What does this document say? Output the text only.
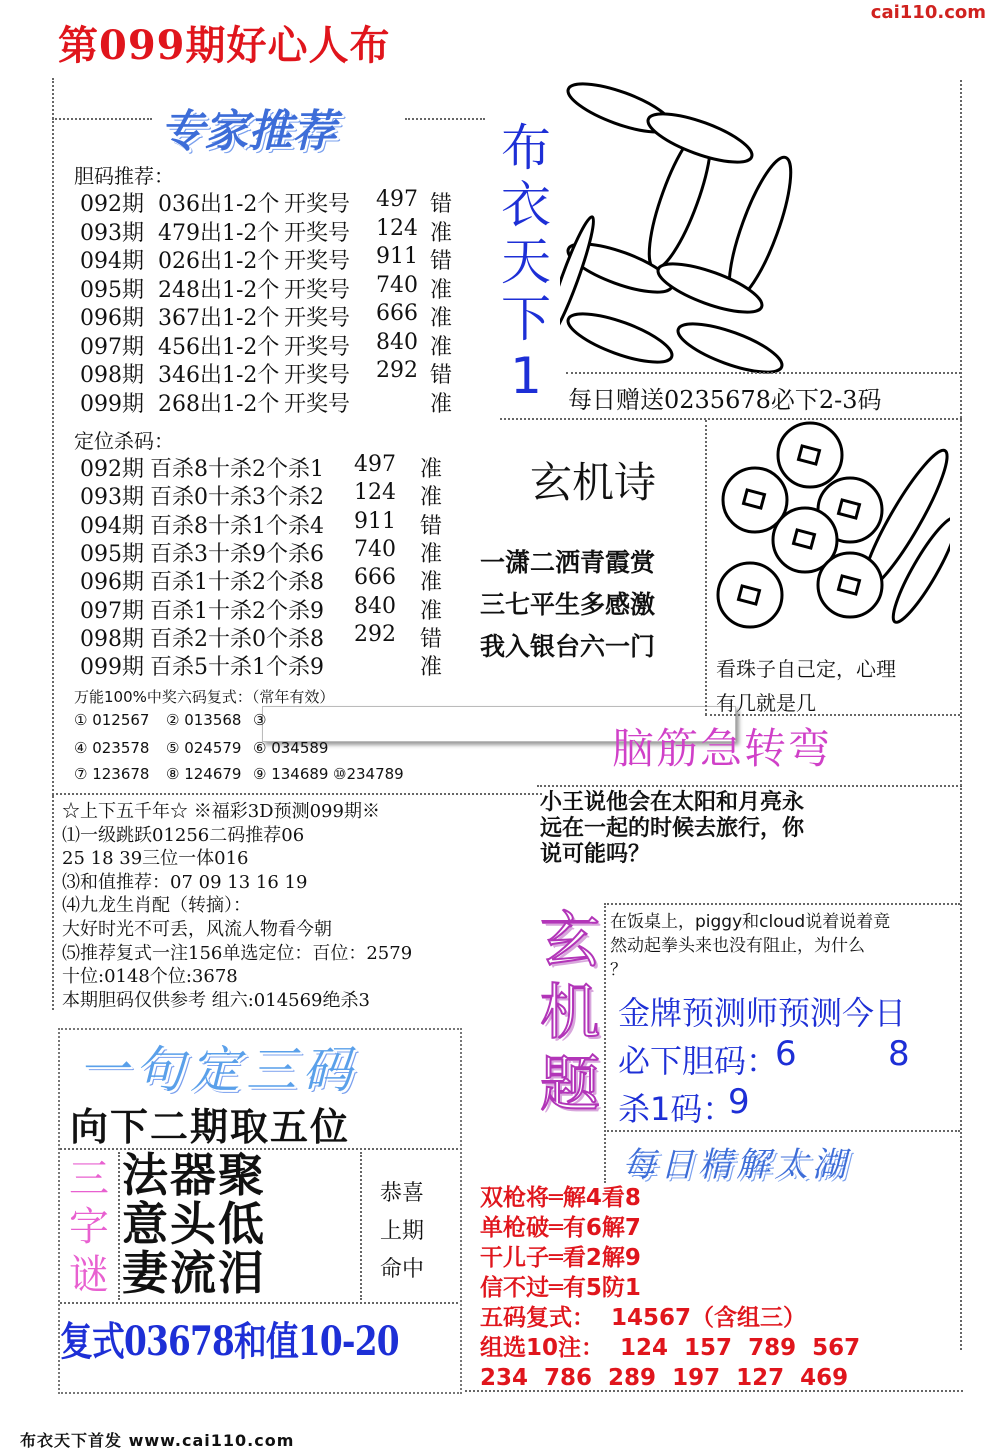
cai110.com
第099期好心人布
专家推荐
胆码推荐：
092期 036出1-2个 开奖号 497 错
093期 479出1-2个 开奖号 124 准
094期 026出1-2个 开奖号 911 错
095期 248出1-2个 开奖号 740 准
096期 367出1-2个 开奖号 666 准
097期 456出1-2个 开奖号 840 准
098期 346出1-2个 开奖号 292 错
099期 268出1-2个 开奖号	准
定位杀码：
092期 百杀8十杀2个杀1 497 准
093期 百杀0十杀3个杀2 124 准
094期 百杀8十杀1个杀4 911 错
095期 百杀3十杀9个杀6 740 准
096期 百杀1十杀2个杀8 666 准
097期 百杀1十杀2个杀9 840 准
098期 百杀2十杀0个杀8 292 错
099期 百杀5十杀1个杀9	准
万能100%中奖六码复式：（常年有效）
① 012567 ② 013568 ③
④ 023578 ⑤ 024579 ⑥ 034589
⑦ 123678 ⑧ 124679 ⑨ 134689 ⑩234789
☆上下五千年☆ ※福彩3D预测099期※
⑴一级跳跃01256二码推荐06
25 18 39三位一体016
⑶和值推荐：07 09 13 16 19
⑷九龙生肖配（转摘）：
大好时光不可丢，风流人物看今朝
⑸推荐复式一注156单选定位：百位：2579
十位:0148个位:3678
本期胆码仅供参考 组六:014569绝杀3
布
衣
天
下
1	每日赠送0235678必下2-3码
玄机诗
一潇二洒青霞赏
三七平生多感激
我入银台六一门
看珠子自己定，心理
有几就是几
脑筋急转弯
小王说他会在太阳和月亮永
远在一起的时候去旅行，你
说可能吗？
玄
机
题
在饭桌上，piggy和cloud说着说着竟
然动起拳头来也没有阻止，为什么
？
金牌预测师预测今日
必下胆码：
6	8
杀1码：
9
每日精解太湖
双枪将═解4看8
单枪破═有6解7
干儿子═看2解9
信不过═有5防1
五码复式：  14567（含组三）
组选10注：  124  157  789  567
234  786  289  197  127  469
一句定三码
向下二期取五位
三
字
谜
法器聚
意头低
妻流泪
恭喜
上期
命中
复式03678和值10-20
布衣天下首发 www.cai110.com
